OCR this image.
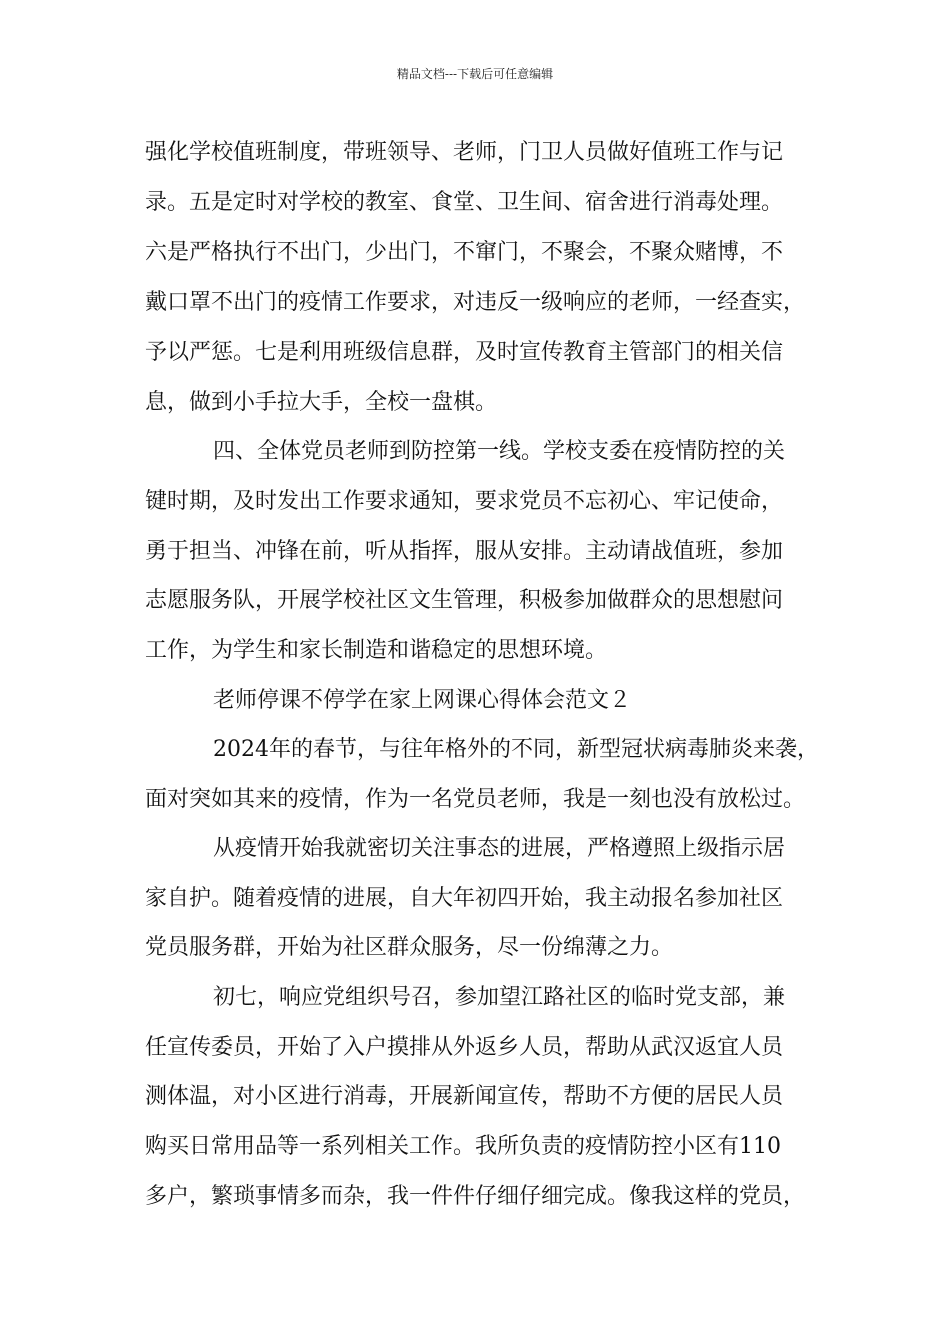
精品文档---下载后可任意编辑
强化学校值班制度，带班领导、老师，门卫人员做好值班工作与记
录。五是定时对学校的教室、食堂、卫生间、宿舍进行消毒处理。
六是严格执行不出门，少出门，不窜门，不聚会，不聚众赌博，不
戴口罩不出门的疫情工作要求，对违反一级响应的老师，一经查实，
予以严惩。七是利用班级信息群，及时宣传教育主管部门的相关信
息，做到小手拉大手，全校一盘棋。
四、全体党员老师到防控第一线。学校支委在疫情防控的关
键时期，及时发出工作要求通知，要求党员不忘初心、牢记使命，
勇于担当、冲锋在前，听从指挥，服从安排。主动请战值班，参加
志愿服务队，开展学校社区文生管理，积极参加做群众的思想慰问
工作，为学生和家长制造和谐稳定的思想环境。
老师停课不停学在家上网课心得体会范文２
2024年的春节，与往年格外的不同，新型冠状病毒肺炎来袭，
面对突如其来的疫情，作为一名党员老师，我是一刻也没有放松过。
从疫情开始我就密切关注事态的进展，严格遵照上级指示居
家自护。随着疫情的进展，自大年初四开始，我主动报名参加社区
党员服务群，开始为社区群众服务，尽一份绵薄之力。
初七，响应党组织号召，参加望江路社区的临时党支部，兼
任宣传委员，开始了入户摸排从外返乡人员，帮助从武汉返宜人员
测体温，对小区进行消毒，开展新闻宣传，帮助不方便的居民人员
购买日常用品等一系列相关工作。我所负责的疫情防控小区有110
多户，繁琐事情多而杂，我一件件仔细仔细完成。像我这样的党员，
